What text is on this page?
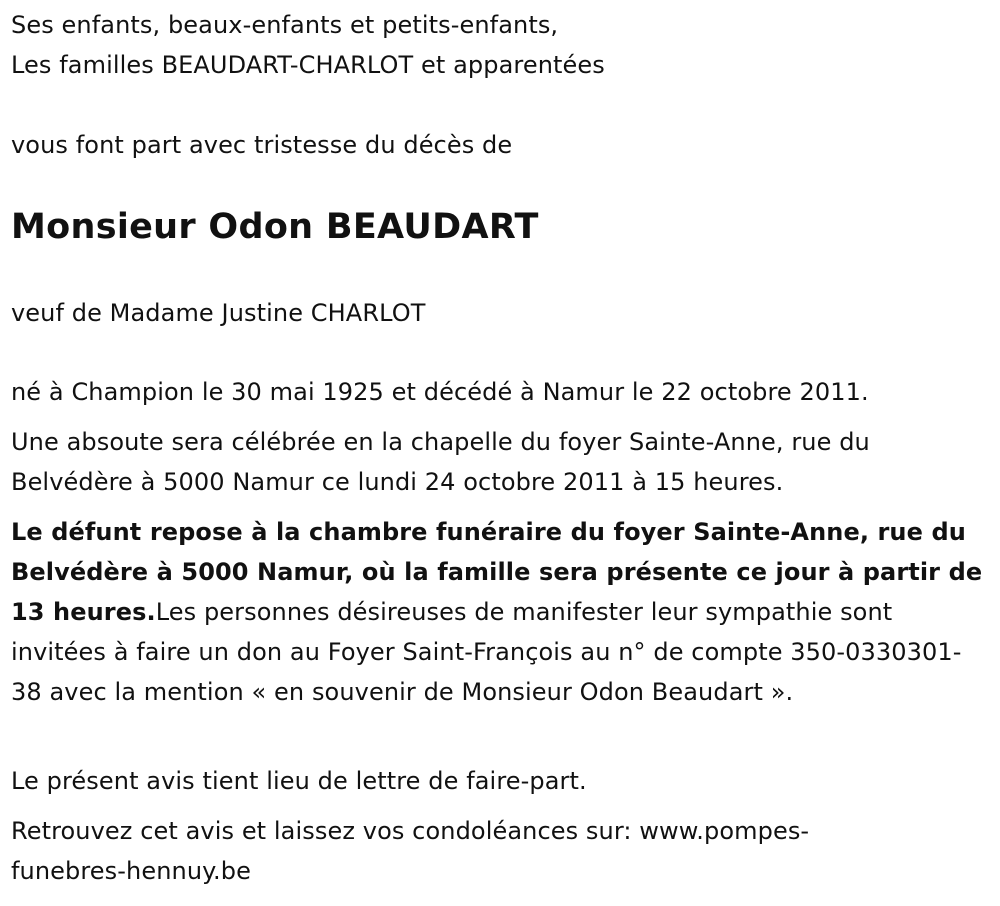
Ses enfants, beaux-enfants et petits-enfants,

Les familles BEAUDART-CHARLOT et apparentées

vous font part avec tristesse du décès de

Monsieur Odon BEAUDART

veuf de Madame Justine CHARLOT

né à Champion le 30 mai 1925 et décédé à Namur le 22 octobre 2011.

Une absoute sera célébrée en la chapelle du foyer Sainte-Anne, rue du Belvédère à 5000 Namur ce lundi 24 octobre 2011 à 15 heures.

Le défunt repose à la chambre funéraire du foyer Sainte-Anne, rue du Belvédère à 5000 Namur, où la famille sera présente ce jour à partir de 13 heures.Les personnes désireuses de manifester leur sympathie sont invitées à faire un don au Foyer Saint-François au n° de compte 350-0330301-38 avec la mention « en souvenir de Monsieur Odon Beaudart ».

Le présent avis tient lieu de lettre de faire-part.

Retrouvez cet avis et laissez vos condoléances sur: www.pompes-funebres-hennuy.be
